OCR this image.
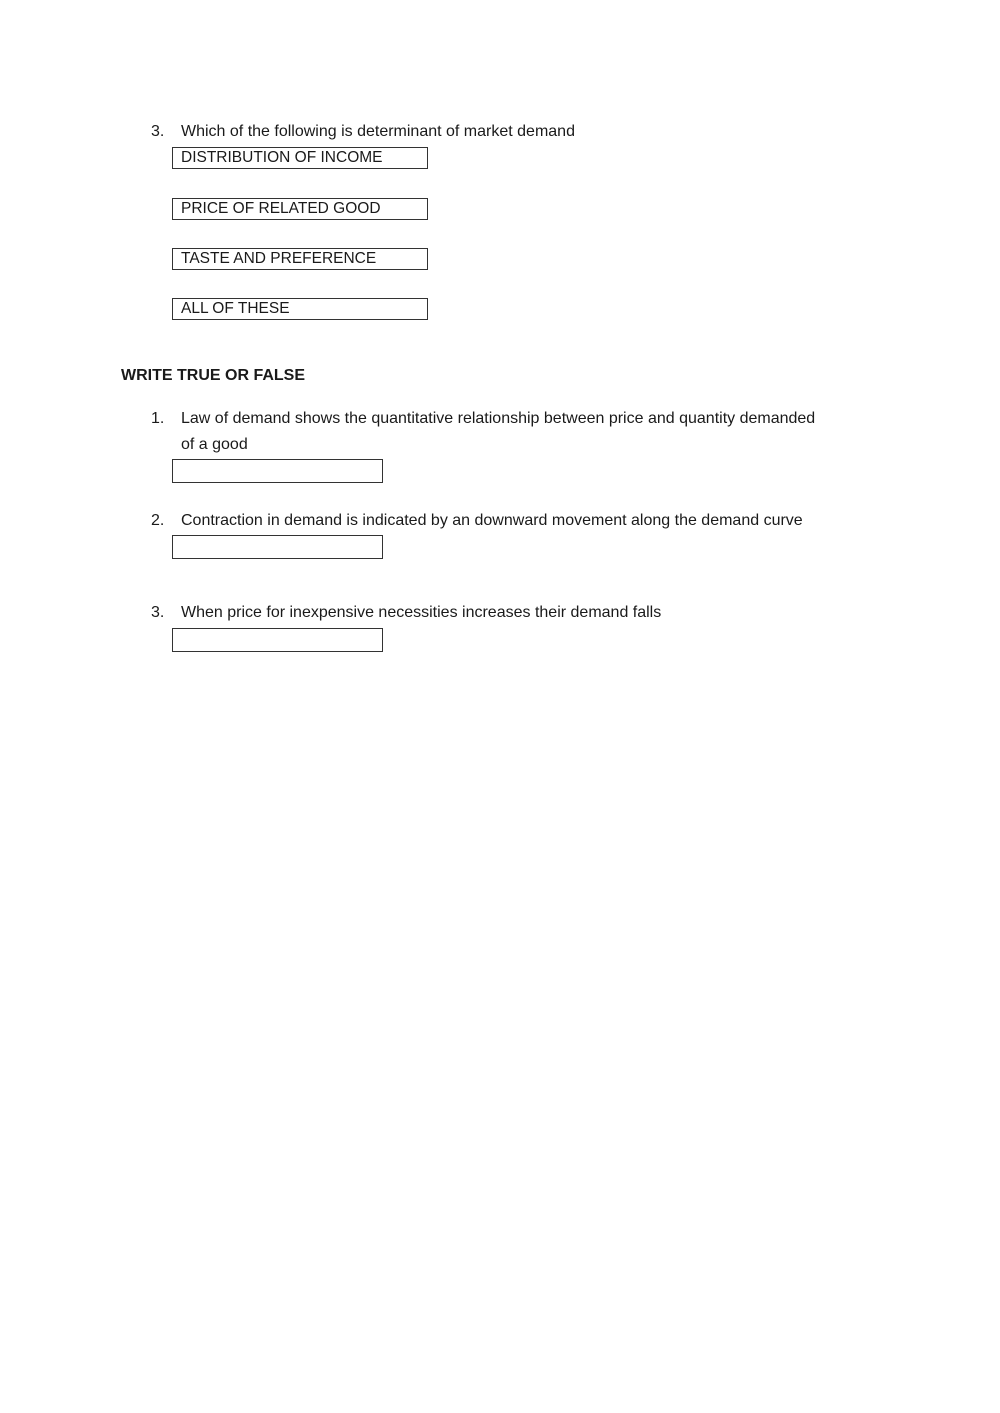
3. Which of the following is determinant of market demand
DISTRIBUTION OF INCOME
PRICE OF RELATED GOOD
TASTE AND PREFERENCE
ALL OF THESE
WRITE TRUE OR FALSE
1. Law of demand shows the quantitative relationship between price and quantity demanded
of a good
2. Contraction in demand is indicated by an downward movement along the demand curve
3. When price for inexpensive necessities increases their demand falls
